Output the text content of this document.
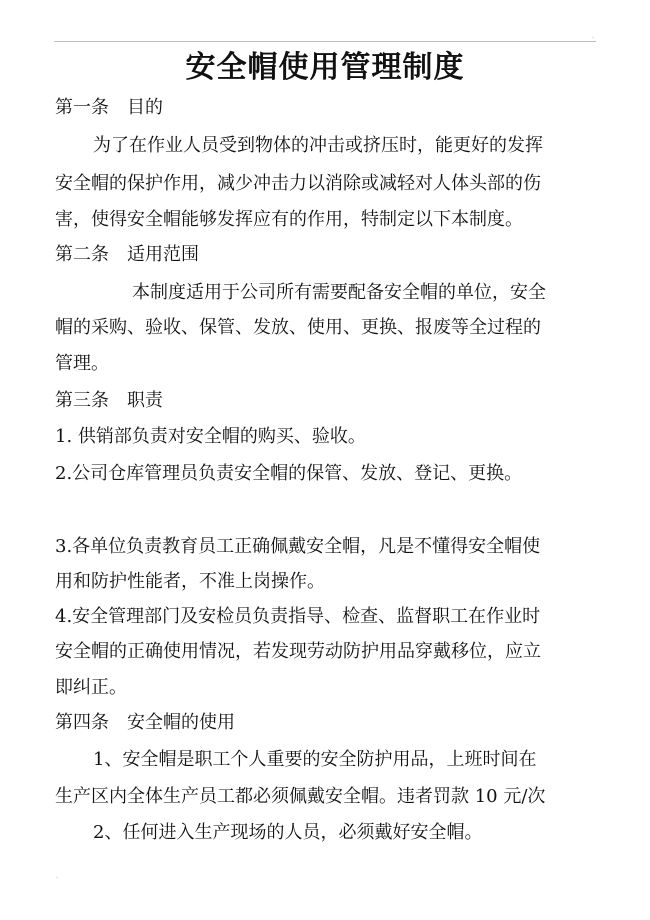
·
·
安全帽使用管理制度
第一条 目的
为了在作业人员受到物体的冲击或挤压时，能更好的发挥
安全帽的保护作用，减少冲击力以消除或减轻对人体头部的伤
害，使得安全帽能够发挥应有的作用，特制定以下本制度。
第二条 适用范围
本制度适用于公司所有需要配备安全帽的单位，安全
帽的采购、验收、保管、发放、使用、更换、报废等全过程的
管理。
第三条 职责
1. 供销部负责对安全帽的购买、验收。
2.公司仓库管理员负责安全帽的保管、发放、登记、更换。
3.各单位负责教育员工正确佩戴安全帽，凡是不懂得安全帽使
用和防护性能者，不准上岗操作。
4.安全管理部门及安检员负责指导、检查、监督职工在作业时
安全帽的正确使用情况，若发现劳动防护用品穿戴移位，应立
即纠正。
第四条 安全帽的使用
1、安全帽是职工个人重要的安全防护用品，上班时间在
生产区内全体生产员工都必须佩戴安全帽。违者罚款 10 元/次
2、任何进入生产现场的人员，必须戴好安全帽。
